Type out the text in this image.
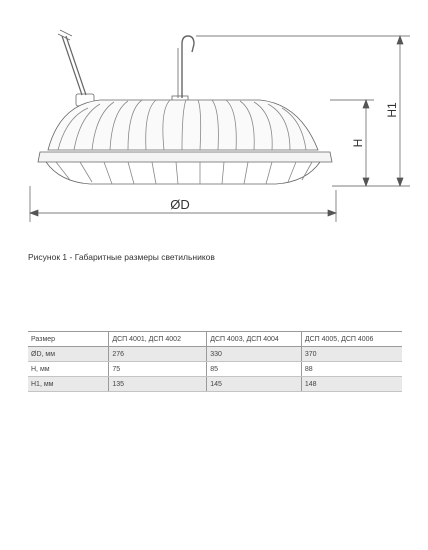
ØD
H
H1
Рисунок 1 - Габаритные размеры светильников
Размер	ДСП 4001, ДСП 4002	ДСП 4003, ДСП 4004	ДСП 4005, ДСП 4006
ØD, мм	276	330	370
Н, мм	75	85	88
Н1, мм	135	145	148
